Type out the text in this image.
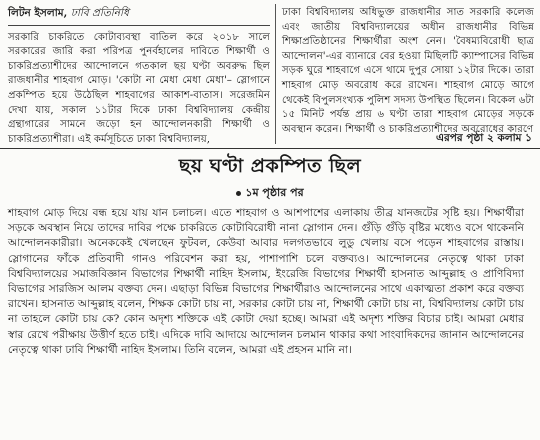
লিটন ইসলাম, ঢাবি প্রতিনিধি
সরকারি চাকরিতে কোটাব্যবস্থা বাতিল করে ২০১৮ সালে সরকারের জারি করা পরিপত্র পুনর্বহালের দাবিতে শিক্ষার্থী ও চাকরিপ্রত্যাশীদের আন্দোলনে গতকাল ছয় ঘণ্টা অবরুদ্ধ ছিল রাজধানীর শাহবাগ মোড়। 'কোটা না মেধা মেধা মেধা'– স্লোগানে প্রকম্পিত হয়ে উঠেছিল শাহবাগের আকাশ-বাতাস। সরেজমিন দেখা যায়, সকাল ১১টার দিকে ঢাকা বিশ্ববিদ্যালয় কেন্দ্রীয় গ্রন্থাগারের সামনে জড়ো হন আন্দোলনকারী শিক্ষার্থী ও চাকরিপ্রত্যাশীরা। এই কর্মসূচিতে ঢাকা বিশ্ববিদ্যালয়,
ঢাকা বিশ্ববিদ্যালয় অধিভুক্ত রাজধানীর সাত সরকারি কলেজ এবং জাতীয় বিশ্ববিদ্যালয়ের অধীন রাজধানীর বিভিন্ন শিক্ষাপ্রতিষ্ঠানের শিক্ষার্থীরা অংশ নেন। 'বৈষম্যবিরোধী ছাত্র আন্দোলন'-এর ব্যানারে বের হওয়া মিছিলটি ক্যাম্পাসের বিভিন্ন সড়ক ঘুরে শাহবাগে এসে থামে দুপুর সোয়া ১২টার দিকে। তারা শাহবাগ মোড় অবরোধ করে রাখেন। শাহবাগ মোড়ে আগে থেকেই বিপুলসংখ্যক পুলিশ সদস্য উপস্থিত ছিলেন। বিকেল ৬টা ১৫ মিনিট পর্যন্ত প্রায় ৬ ঘণ্টা তারা শাহবাগ মোড়ের সড়কে অবস্থান করেন। শিক্ষার্থী ও চাকরিপ্রত্যাশীদের অবরোধের কারণে
এরপর পৃষ্ঠা ২ কলাম ১
ছয় ঘণ্টা প্রকম্পিত ছিল
১ম পৃষ্ঠার পর
শাহবাগ মোড় দিয়ে বন্ধ হয়ে যায় যান চলাচল। এতে শাহবাগ ও আশপাশের এলাকায় তীব্র যানজটের সৃষ্টি হয়। শিক্ষার্থীরা সড়কে অবস্থান নিয়ে তাদের দাবির পক্ষে চাকরিতে কোটাবিরোধী নানা স্লোগান দেন। গুঁড়ি গুঁড়ি বৃষ্টির মধ্যেও বসে থাকেননি আন্দোলনকারীরা। অনেককেই খেলছেন ফুটবল, কেউবা আবার দলগতভাবে লুডু খেলায় বসে পড়েন শাহবাগের রাস্তায়। স্লোগানের ফাঁকে প্রতিবাদী গানও পরিবেশন করা হয়, পাশাপাশি চলে বক্তব্যও। আন্দোলনের নেতৃত্বে থাকা ঢাকা বিশ্ববিদ্যালয়ের সমাজবিজ্ঞান বিভাগের শিক্ষার্থী নাহিদ ইসলাম, ইংরেজি বিভাগের শিক্ষার্থী হাসনাত আব্দুল্লাহ ও প্রাণিবিদ্যা বিভাগের সারজিস আলম বক্তব্য দেন। এছাড়া বিভিন্ন বিভাগের শিক্ষার্থীরাও আন্দোলনের সাথে একাত্মতা প্রকাশ করে বক্তব্য রাখেন। হাসনাত আব্দুল্লাহ বলেন, শিক্ষক কোটা চায় না, সরকার কোটা চায় না, শিক্ষার্থী কোটা চায় না, বিশ্ববিদ্যালয় কোটা চায় না তাহলে কোটা চায় কে? কোন অদৃশ্য শক্তিকে এই কোটা দেয়া হচ্ছে। আমরা এই অদৃশ্য শক্তির বিচার চাই। আমরা মেধার স্বার রেখে পরীক্ষায় উত্তীর্ণ হতে চাই। এদিকে দাবি আদায়ে আন্দোলন চলমান থাকার কথা সাংবাদিকদের জানান আন্দোলনের নেতৃত্বে থাকা ঢাবি শিক্ষার্থী নাহিদ ইসলাম। তিনি বলেন, আমরা এই প্রহসন মানি না।
